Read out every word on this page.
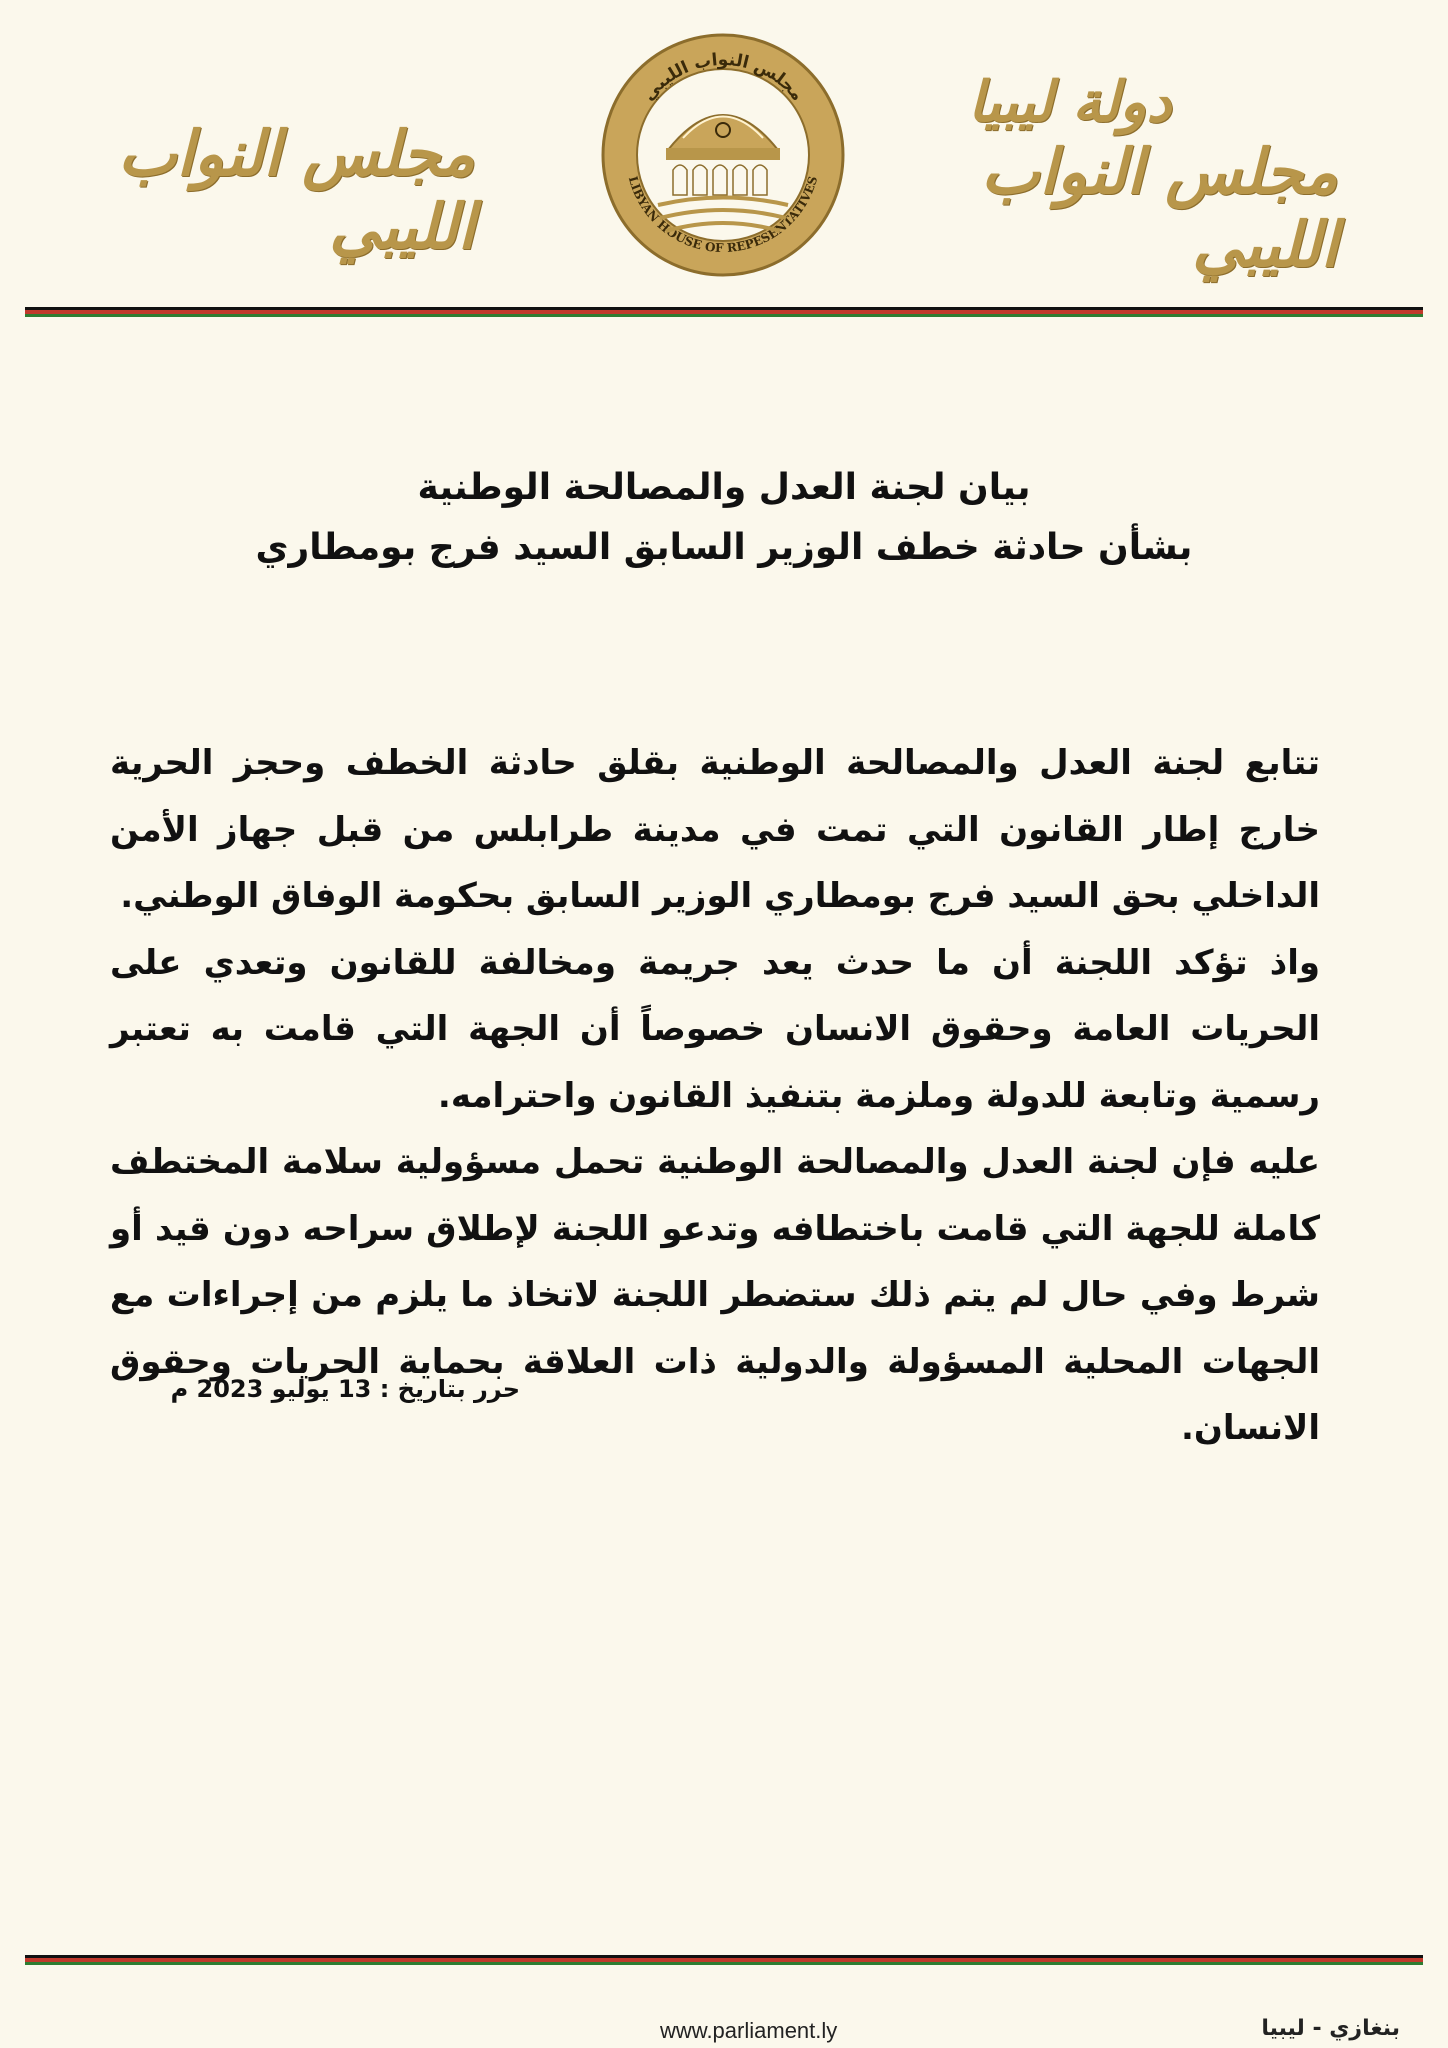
مجلس النواب الليبي
مجلس النواب الليبي
LIBYAN HOUSE OF REPESENTATIVES
دولة ليبيا
مجلس النواب الليبي
بيان لجنة العدل والمصالحة الوطنية
بشأن حادثة خطف الوزير السابق السيد فرج بومطاري

تتابع لجنة العدل والمصالحة الوطنية بقلق حادثة الخطف وحجز الحرية خارج إطار القانون التي تمت في مدينة طرابلس من قبل جهاز الأمن الداخلي بحق السيد فرج بومطاري الوزير السابق بحكومة الوفاق الوطني.

واذ تؤكد اللجنة أن ما حدث يعد جريمة ومخالفة للقانون وتعدي على الحريات العامة وحقوق الانسان خصوصاً أن الجهة التي قامت به تعتبر رسمية وتابعة للدولة وملزمة بتنفيذ القانون واحترامه.

عليه فإن لجنة العدل والمصالحة الوطنية تحمل مسؤولية سلامة المختطف كاملة للجهة التي قامت باختطافه وتدعو اللجنة لإطلاق سراحه دون قيد أو شرط وفي حال لم يتم ذلك ستضطر اللجنة لاتخاذ ما يلزم من إجراءات مع الجهات المحلية المسؤولة والدولية ذات العلاقة بحماية الحريات وحقوق الانسان.

حرر بتاريخ : 13 يوليو 2023 م
www.parliament.ly	بنغازي - ليبيا
